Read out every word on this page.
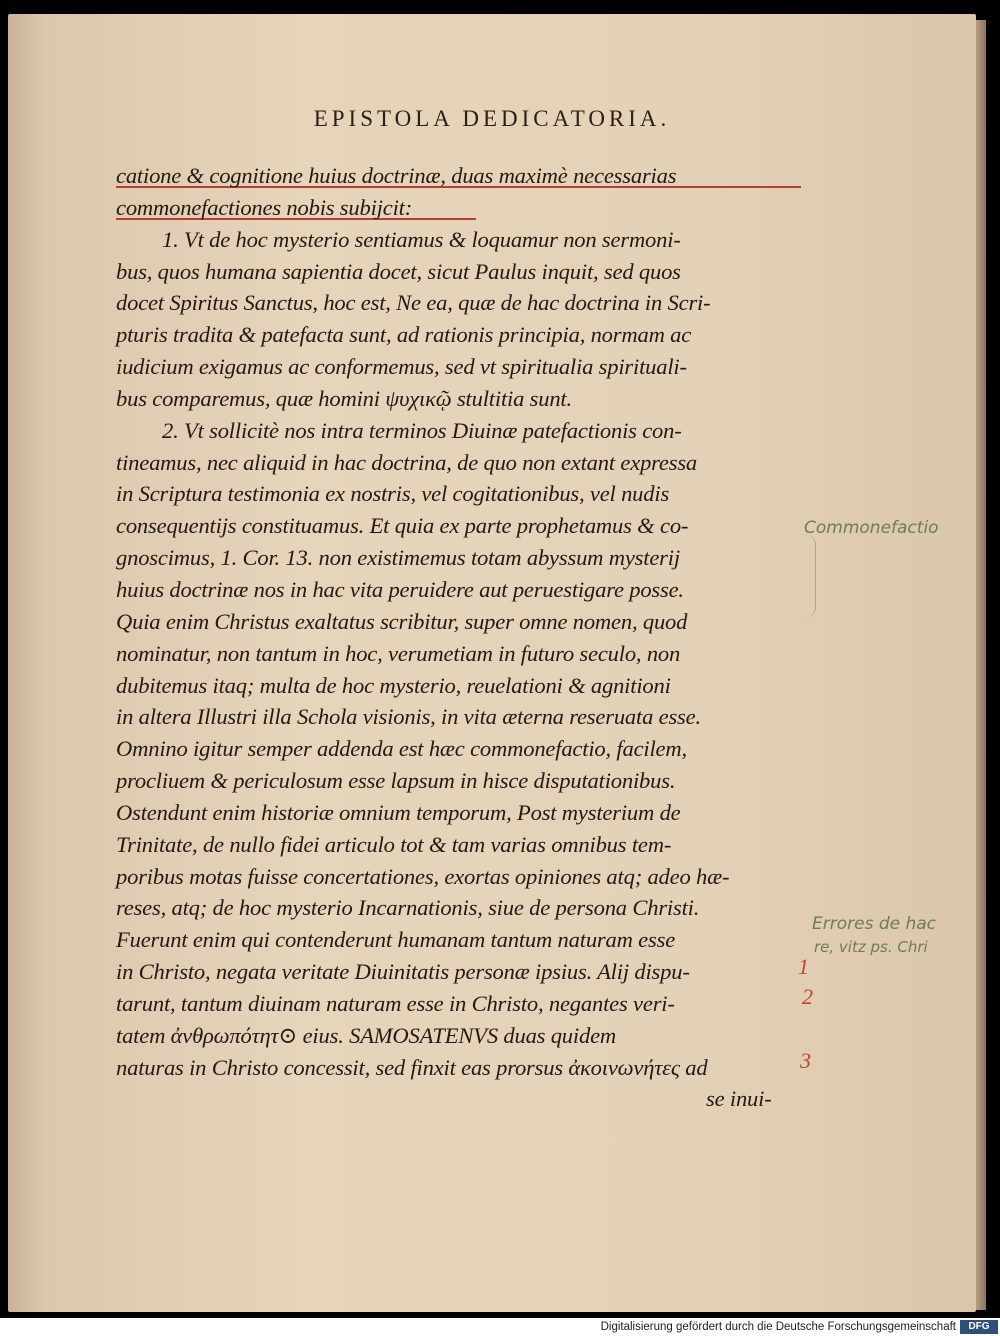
EPISTOLA DEDICATORIA.
catione & cognitione huius doctrinæ, duas maximè necessarias
commonefactiones nobis subijcit:
1. Vt de hoc mysterio sentiamus & loquamur non sermoni-
bus, quos humana sapientia docet, sicut Paulus inquit, sed quos
docet Spiritus Sanctus, hoc est, Ne ea, quæ de hac doctrina in Scri-
pturis tradita & patefacta sunt, ad rationis principia, normam ac
iudicium exigamus ac conformemus, sed vt spiritualia spirituali-
bus comparemus, quæ homini ψυχικῷ stultitia sunt.
2. Vt sollicitè nos intra terminos Diuinæ patefactionis con-
tineamus, nec aliquid in hac doctrina, de quo non extant expressa
in Scriptura testimonia ex nostris, vel cogitationibus, vel nudis
consequentijs constituamus. Et quia ex parte prophetamus & co-
gnoscimus, 1. Cor. 13. non existimemus totam abyssum mysterij
huius doctrinæ nos in hac vita peruidere aut peruestigare posse.
Quia enim Christus exaltatus scribitur, super omne nomen, quod
nominatur, non tantum in hoc, verumetiam in futuro seculo, non
dubitemus itaq; multa de hoc mysterio, reuelationi & agnitioni
in altera Illustri illa Schola visionis, in vita æterna reseruata esse.
Omnino igitur semper addenda est hæc commonefactio, facilem,
procliuem & periculosum esse lapsum in hisce disputationibus.
Ostendunt enim historiæ omnium temporum, Post mysterium de
Trinitate, de nullo fidei articulo tot & tam varias omnibus tem-
poribus motas fuisse concertationes, exortas opiniones atq; adeo hæ-
reses, atq; de hoc mysterio Incarnationis, siue de persona Christi.
Fuerunt enim qui contenderunt humanam tantum naturam esse
in Christo, negata veritate Diuinitatis personæ ipsius. Alij dispu-
tarunt, tantum diuinam naturam esse in Christo, negantes veri-
tatem ἀνθρωπότητ⊙ eius. SAMOSATENVS duas quidem
naturas in Christo concessit, sed finxit eas prorsus ἀκοινωνήτες ad
se inui-
Commonefactio
Errores de hac
re, vitz ps. Chri
1
2
3
Digitalisierung gefördert durch die Deutsche Forschungsgemeinschaft	DFG
